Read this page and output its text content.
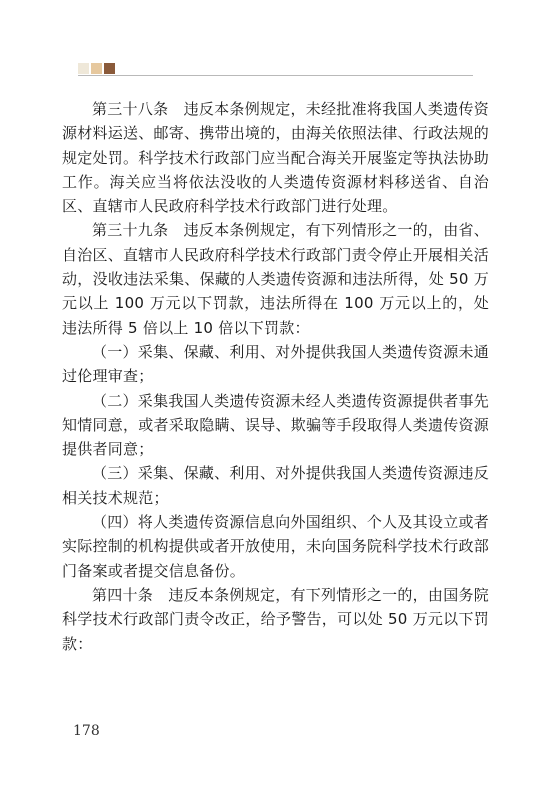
第三十八条　违反本条例规定，未经批准将我国人类遗传资源材料运送、邮寄、携带出境的，由海关依照法律、行政法规的规定处罚。科学技术行政部门应当配合海关开展鉴定等执法协助工作。海关应当将依法没收的人类遗传资源材料移送省、自治区、直辖市人民政府科学技术行政部门进行处理。

第三十九条　违反本条例规定，有下列情形之一的，由省、自治区、直辖市人民政府科学技术行政部门责令停止开展相关活动，没收违法采集、保藏的人类遗传资源和违法所得，处 50 万元以上 100 万元以下罚款，违法所得在 100 万元以上的，处违法所得 5 倍以上 10 倍以下罚款：

（一）采集、保藏、利用、对外提供我国人类遗传资源未通过伦理审查；

（二）采集我国人类遗传资源未经人类遗传资源提供者事先知情同意，或者采取隐瞒、误导、欺骗等手段取得人类遗传资源提供者同意；

（三）采集、保藏、利用、对外提供我国人类遗传资源违反相关技术规范；

（四）将人类遗传资源信息向外国组织、个人及其设立或者实际控制的机构提供或者开放使用，未向国务院科学技术行政部门备案或者提交信息备份。

第四十条　违反本条例规定，有下列情形之一的，由国务院科学技术行政部门责令改正，给予警告，可以处 50 万元以下罚款：

178
